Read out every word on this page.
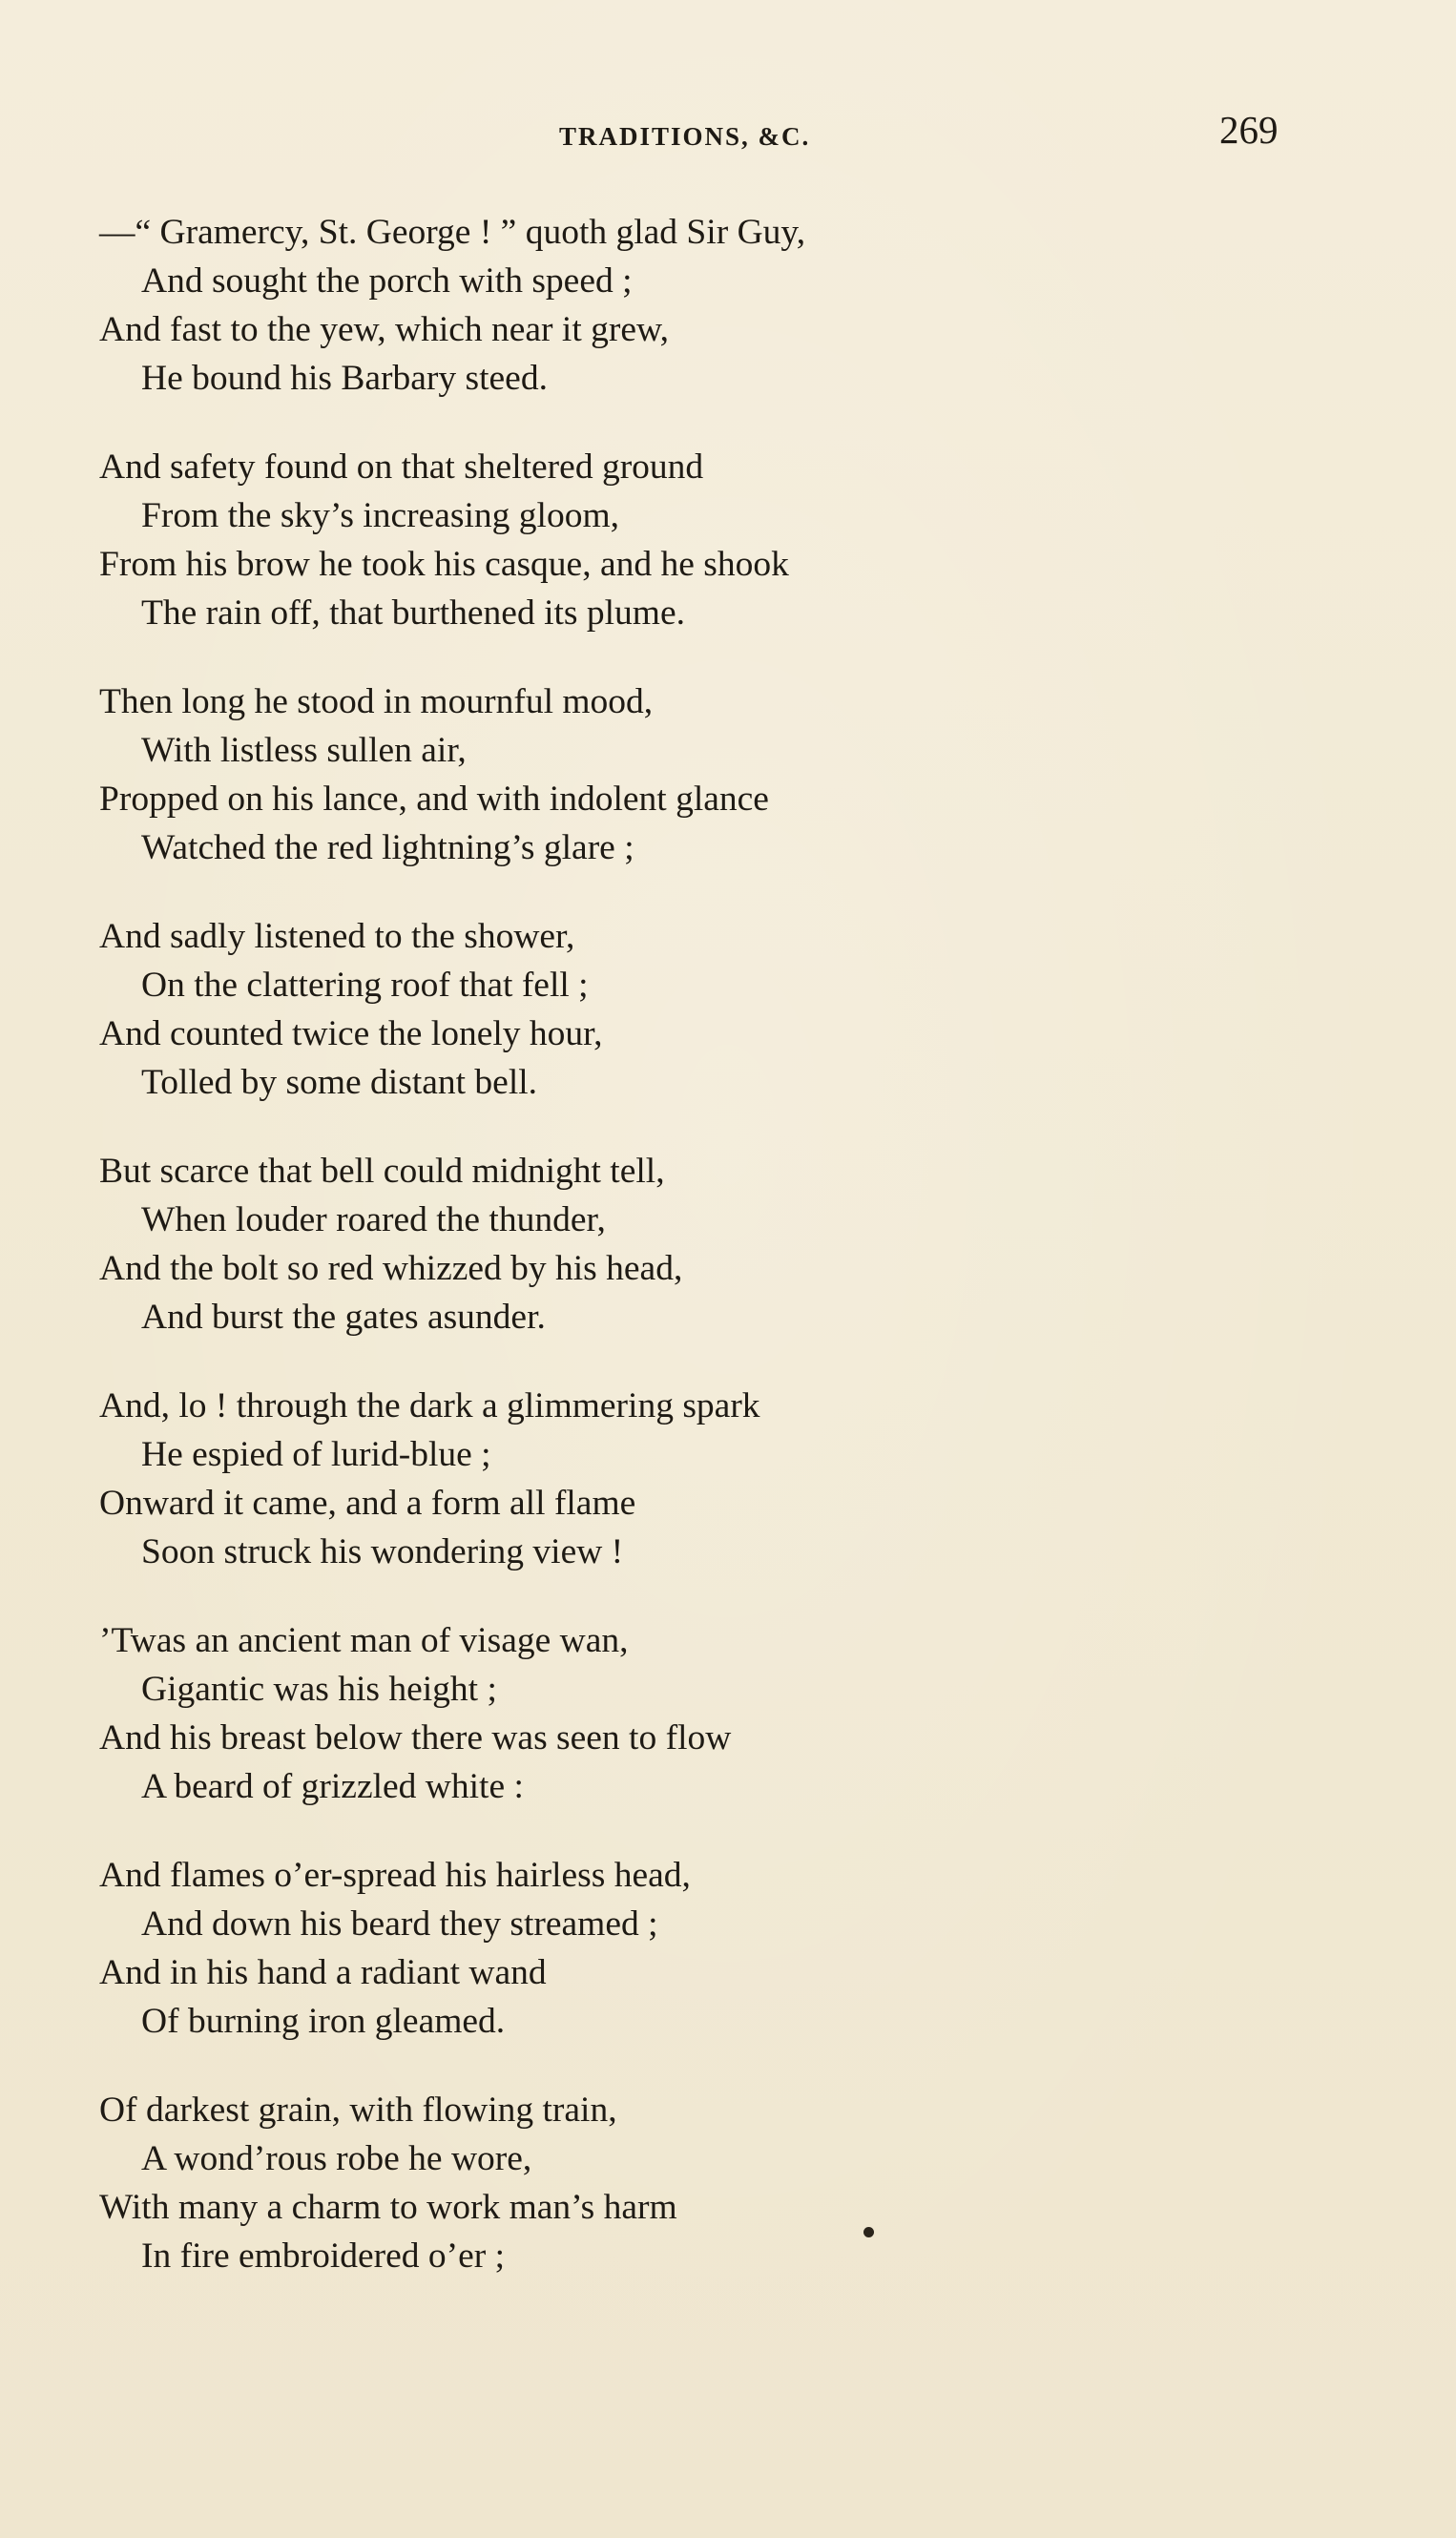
TRADITIONS, &C.	269
—“ Gramercy, St. George ! ” quoth glad Sir Guy,
And sought the porch with speed ;
And fast to the yew, which near it grew,
He bound his Barbary steed.
And safety found on that sheltered ground
From the sky’s increasing gloom,
From his brow he took his casque, and he shook
The rain off, that burthened its plume.
Then long he stood in mournful mood,
With listless sullen air,
Propped on his lance, and with indolent glance
Watched the red lightning’s glare ;
And sadly listened to the shower,
On the clattering roof that fell ;
And counted twice the lonely hour,
Tolled by some distant bell.
But scarce that bell could midnight tell,
When louder roared the thunder,
And the bolt so red whizzed by his head,
And burst the gates asunder.
And, lo ! through the dark a glimmering spark
He espied of lurid-blue ;
Onward it came, and a form all flame
Soon struck his wondering view !
’Twas an ancient man of visage wan,
Gigantic was his height ;
And his breast below there was seen to flow
A beard of grizzled white :
And flames o’er-spread his hairless head,
And down his beard they streamed ;
And in his hand a radiant wand
Of burning iron gleamed.
Of darkest grain, with flowing train,
A wond’rous robe he wore,
With many a charm to work man’s harm
In fire embroidered o’er ;
